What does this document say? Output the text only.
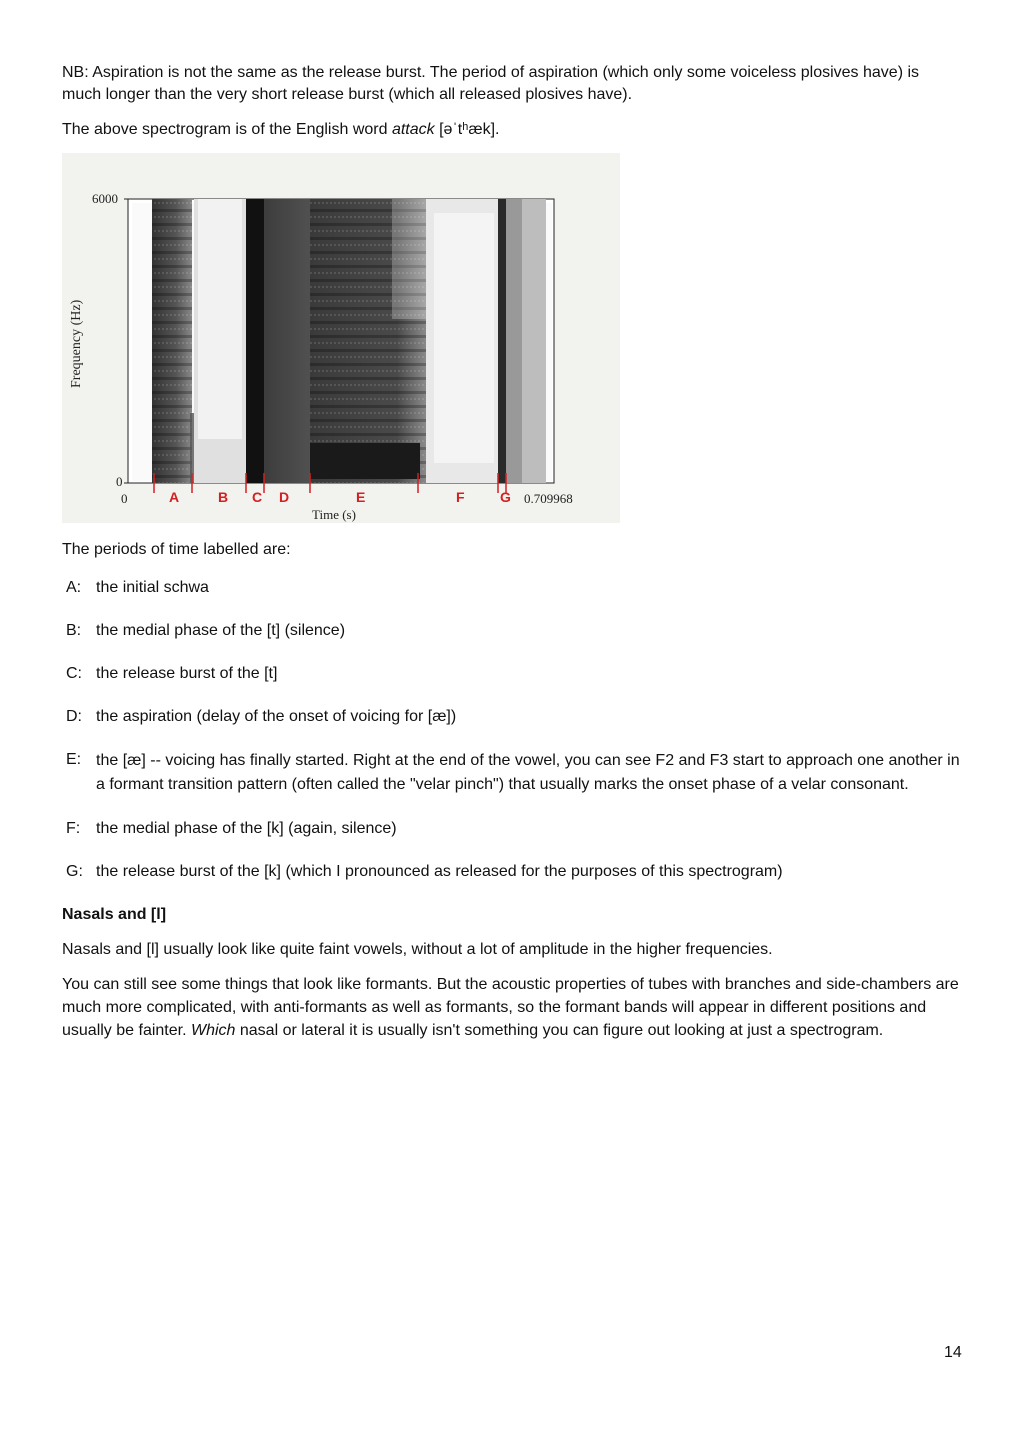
NB: Aspiration is not the same as the release burst. The period of aspiration (which only some voiceless plosives have) is much longer than the very short release burst (which all released plosives have).

The above spectrogram is of the English word attack [əˈtʰæk].

6000
0
Frequency (Hz)
0	0.709968
Time (s)
A	B C D	E	F	G

The periods of time labelled are:

A: the initial schwa
B: the medial phase of the [t] (silence)
C: the release burst of the [t]
D: the aspiration (delay of the onset of voicing for [æ])
E: the [æ] -- voicing has finally started. Right at the end of the vowel, you can see F2 and F3 start to approach one another in a formant transition pattern (often called the "velar pinch") that usually marks the onset phase of a velar consonant.
F: the medial phase of the [k] (again, silence)
G: the release burst of the [k] (which I pronounced as released for the purposes of this spectrogram)
Nasals and [l]

Nasals and [l] usually look like quite faint vowels, without a lot of amplitude in the higher frequencies.

You can still see some things that look like formants. But the acoustic properties of tubes with branches and side-chambers are much more complicated, with anti-formants as well as formants, so the formant bands will appear in different positions and usually be fainter. Which nasal or lateral it is usually isn't something you can figure out looking at just a spectrogram.

14
